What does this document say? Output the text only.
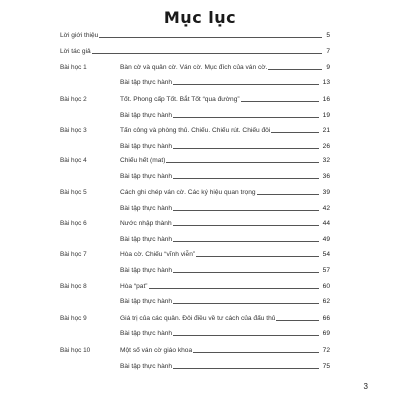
Mục lục
Lời giới thiệu	5
Lời tác giả	7
Bài học 1	Bàn cờ và quân cờ. Ván cờ. Mục đích của ván cờ.	9
Bài tập thực hành	13
Bài học 2	Tốt. Phong cấp Tốt. Bắt Tốt “qua đường”	16
Bài tập thực hành	19
Bài học 3	Tấn công và phòng thủ. Chiếu. Chiếu rút. Chiếu đôi	21
Bài tập thực hành	26
Bài học 4	Chiếu hết (mat)	32
Bài tập thực hành	36
Bài học 5	Cách ghi chép ván cờ. Các ký hiệu quan trọng	39
Bài tập thực hành	42
Bài học 6	Nước nhập thành	44
Bài tập thực hành	49
Bài học 7	Hòa cờ. Chiếu “vĩnh viễn”	54
Bài tập thực hành	57
Bài học 8	Hòa “pat”	60
Bài tập thực hành	62
Bài học 9	Giá trị của các quân. Đôi điều về tư cách của đấu thủ	66
Bài tập thực hành	69
Bài học 10	Một số ván cờ giáo khoa	72
Bài tập thực hành	75
3
